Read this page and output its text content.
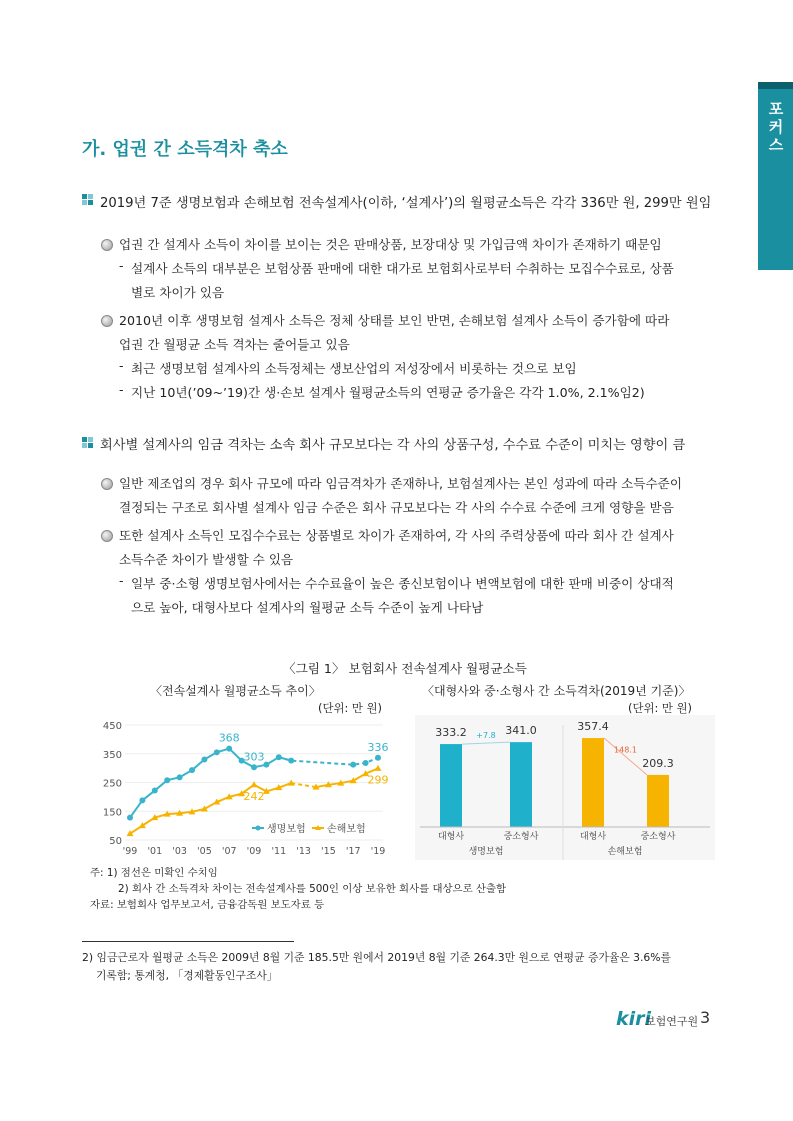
포
커
스
가. 업권 간 소득격차 축소
2019년 7준 생명보험과 손해보험 전속설계사(이하, ‘설계사’)의 월평균소득은 각각 336만 원, 299만 원임
업권 간 설계사 소득이 차이를 보이는 것은 판매상품, 보장대상 및 가입금액 차이가 존재하기 때문임
- 설계사 소득의 대부분은 보험상품 판매에 대한 대가로 보험회사로부터 수취하는 모집수수료로, 상품
별로 차이가 있음
2010년 이후 생명보험 설계사 소득은 정체 상태를 보인 반면, 손해보험 설계사 소득이 증가함에 따라
업권 간 월평균 소득 격차는 줄어들고 있음
- 최근 생명보험 설계사의 소득정체는 생보산업의 저성장에서 비롯하는 것으로 보임
- 지난 10년(’09~’19)간 생·손보 설계사 월평균소득의 연평균 증가율은 각각 1.0%, 2.1%임2)
회사별 설계사의 임금 격차는 소속 회사 규모보다는 각 사의 상품구성, 수수료 수준이 미치는 영향이 큼
일반 제조업의 경우 회사 규모에 따라 임금격차가 존재하나, 보험설계사는 본인 성과에 따라 소득수준이
결정되는 구조로 회사별 설계사 임금 수준은 회사 규모보다는 각 사의 수수료 수준에 크게 영향을 받음
또한 설계사 소득인 모집수수료는 상품별로 차이가 존재하여, 각 사의 주력상품에 따라 회사 간 설계사
소득수준 차이가 발생할 수 있음
- 일부 중·소형 생명보험사에서는 수수료율이 높은 종신보험이나 변액보험에 대한 판매 비중이 상대적
으로 높아, 대형사보다 설계사의 월평균 소득 수준이 높게 나타남
〈그림 1〉 보험회사 전속설계사 월평균소득
〈전속설계사 월평균소득 추이〉	〈대형사와 중·소형사 간 소득격차(2019년 기준)〉
(단위: 만 원)	(단위: 만 원)
50
150
250
350
450
'99 '01 '03 '05 '07 '09 '11 '13 '15 '17 '19
368
303
336
242
299
생명보험 손해보험
333.2
대형사
341.0
중소형사
357.4
대형사
209.3
중소형사
+7.8
148.1
생명보험	손해보험
주: 1) 점선은 미확인 수치임
2) 회사 간 소득격차 차이는 전속설계사를 500인 이상 보유한 회사를 대상으로 산출함
자료: 보험회사 업무보고서, 금융감독원 보도자료 등
2) 임금근로자 월평균 소득은 2009년 8월 기준 185.5만 원에서 2019년 8월 기준 264.3만 원으로 연평균 증가율은 3.6%를
기록함; 통계청, 「경제활동인구조사」
kiri
보험연구원 3
